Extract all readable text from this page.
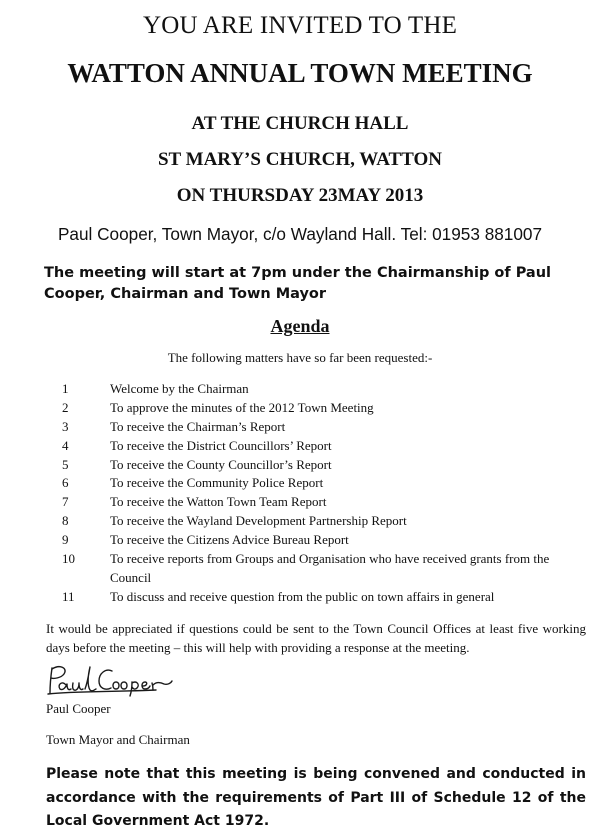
YOU ARE INVITED TO THE
WATTON ANNUAL TOWN MEETING
AT THE CHURCH HALL
ST MARY’S CHURCH, WATTON
ON THURSDAY 23MAY 2013
Paul Cooper, Town Mayor, c/o Wayland Hall. Tel: 01953 881007
The meeting will start at 7pm under the Chairmanship of Paul Cooper, Chairman and Town Mayor
Agenda
The following matters have so far been requested:-
1	Welcome by the Chairman
2	To approve the minutes of the 2012 Town Meeting
3	To receive the Chairman’s Report
4	To receive the District Councillors’ Report
5	To receive the County Councillor’s Report
6	To receive the Community Police Report
7	To receive the Watton Town Team Report
8	To receive the Wayland Development Partnership Report
9	To receive the Citizens Advice Bureau Report
10	To receive reports from Groups and Organisation who have received grants from the Council
11	To discuss and receive question from the public on town affairs in general
It would be appreciated if questions could be sent to the Town Council Offices at least five working days before the meeting – this will help with providing a response at the meeting.
Paul Cooper
Town Mayor and Chairman
Please note that this meeting is being convened and conducted in accordance with the requirements of Part III of Schedule 12 of the Local Government Act 1972.
